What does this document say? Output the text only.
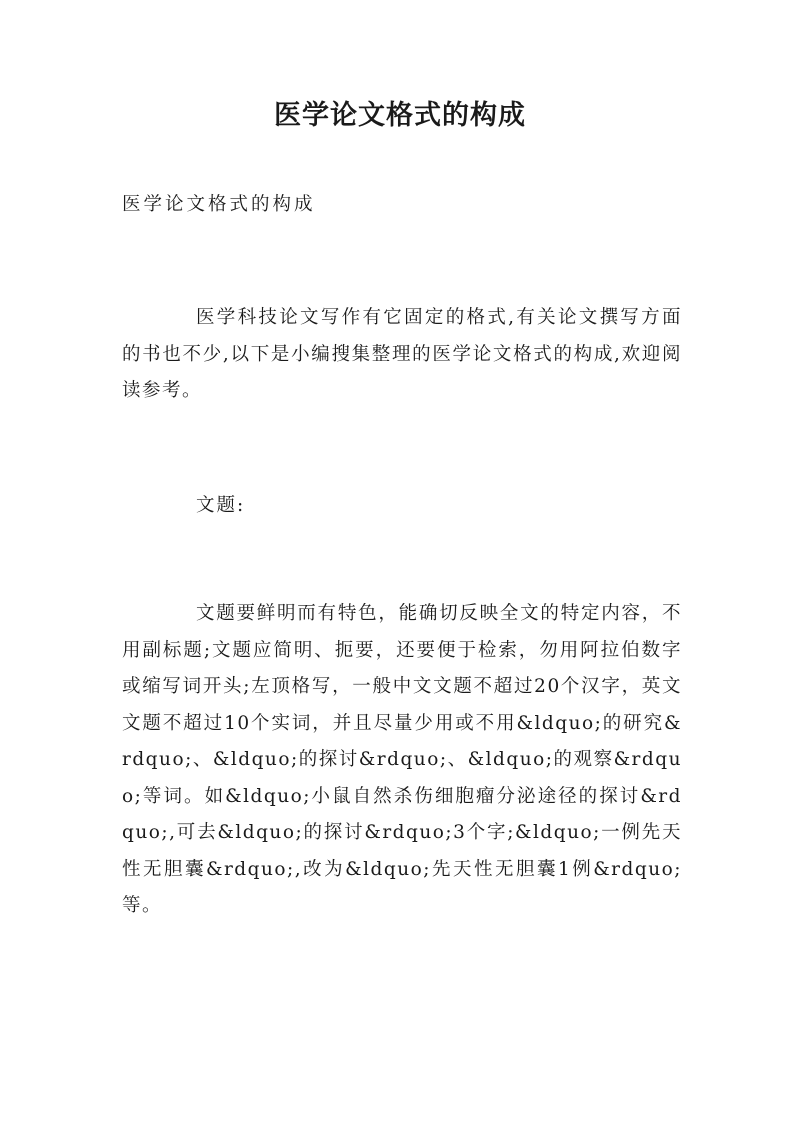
医学论文格式的构成
医学论文格式的构成
医学科技论文写作有它固定的格式,有关论文撰写方面的书也不少,以下是小编搜集整理的医学论文格式的构成,欢迎阅读参考。
文题:
文题要鲜明而有特色，能确切反映全文的特定内容，不用副标题;文题应简明、扼要，还要便于检索，勿用阿拉伯数字或缩写词开头;左顶格写，一般中文文题不超过20个汉字，英文文题不超过10个实词，并且尽量少用或不用&ldquo;的研究&rdquo;、&ldquo;的探讨&rdquo;、&ldquo;的观察&rdquo;等词。如&ldquo;小鼠自然杀伤细胞瘤分泌途径的探讨&rdquo;,可去&ldquo;的探讨&rdquo;3个字;&ldquo;一例先天性无胆囊&rdquo;,改为&ldquo;先天性无胆囊1例&rdquo;等。
